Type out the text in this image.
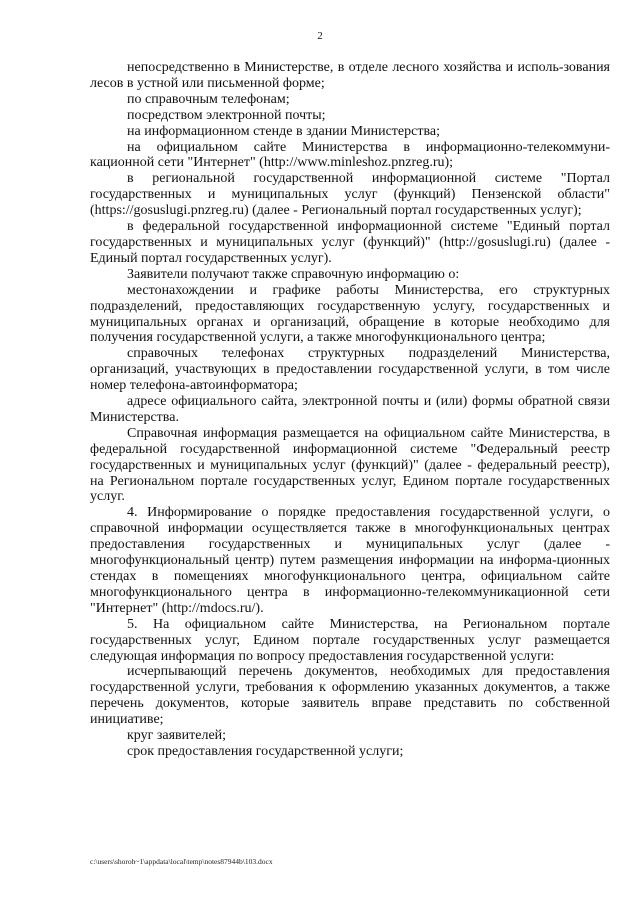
2

непосредственно в Министерстве, в отделе лесного хозяйства и исполь-зования лесов в устной или письменной форме;

по справочным телефонам;

посредством электронной почты;

на информационном стенде в здании Министерства;

на официальном сайте Министерства в информационно-телекоммуни-кационной сети "Интернет" (http://www.minleshoz.pnzreg.ru);

в региональной государственной информационной системе "Портал государственных и муниципальных услуг (функций) Пензенской области" (https://gosuslugi.pnzreg.ru) (далее - Региональный портал государственных услуг);

в федеральной государственной информационной системе "Единый портал государственных и муниципальных услуг (функций)" (http://gosuslugi.ru) (далее - Единый портал государственных услуг).

Заявители получают также справочную информацию о:

местонахождении и графике работы Министерства, его структурных подразделений, предоставляющих государственную услугу, государственных и муниципальных органах и организаций, обращение в которые необходимо для получения государственной услуги, а также многофункционального центра;

справочных телефонах структурных подразделений Министерства, организаций, участвующих в предоставлении государственной услуги, в том числе номер телефона-автоинформатора;

адресе официального сайта, электронной почты и (или) формы обратной связи Министерства.

Справочная информация размещается на официальном сайте Министерства, в федеральной государственной информационной системе "Федеральный реестр государственных и муниципальных услуг (функций)" (далее - федеральный реестр), на Региональном портале государственных услуг, Едином портале государственных услуг.

4. Информирование о порядке предоставления государственной услуги, о справочной информации осуществляется также в многофункциональных центрах предоставления государственных и муниципальных услуг (далее - многофункциональный центр) путем размещения информации на информа-ционных стендах в помещениях многофункционального центра, официальном сайте многофункционального центра в информационно-телекоммуникационной сети "Интернет" (http://mdocs.ru/).

5. На официальном сайте Министерства, на Региональном портале государственных услуг, Едином портале государственных услуг размещается следующая информация по вопросу предоставления государственной услуги:

исчерпывающий перечень документов, необходимых для предоставления государственной услуги, требования к оформлению указанных документов, а также перечень документов, которые заявитель вправе представить по собственной инициативе;

круг заявителей;

срок предоставления государственной услуги;

c:\users\shoroh~1\appdata\local\temp\notes87944b\103.docx
